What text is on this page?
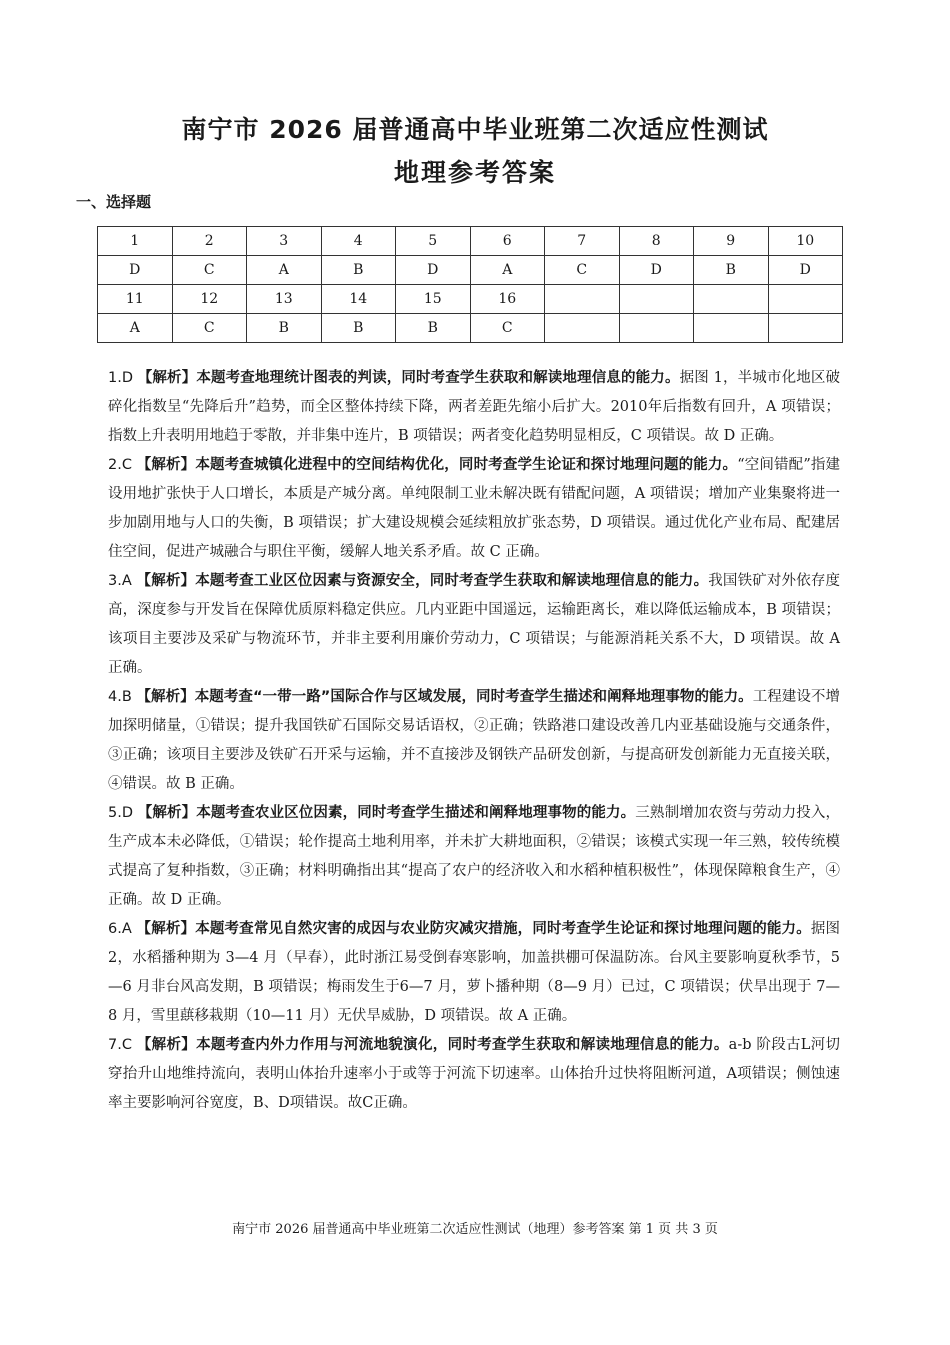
南宁市 2026 届普通高中毕业班第二次适应性测试
地理参考答案
一、选择题
1	2	3	4	5	6	7	8	9	10
D	C	A	B	D	A	C	D	B	D
11	12	13	14	15	16				
A	C	B	B	B	C				

1.D 【解析】本题考查地理统计图表的判读，同时考查学生获取和解读地理信息的能力。据图 1，半城市化地区破碎化指数呈“先降后升”趋势，而全区整体持续下降，两者差距先缩小后扩大。2010年后指数有回升，A 项错误；指数上升表明用地趋于零散，并非集中连片，B 项错误；两者变化趋势明显相反，C 项错误。故 D 正确。

2.C 【解析】本题考查城镇化进程中的空间结构优化，同时考查学生论证和探讨地理问题的能力。“空间错配”指建设用地扩张快于人口增长，本质是产城分离。单纯限制工业未解决既有错配问题，A 项错误；增加产业集聚将进一步加剧用地与人口的失衡，B 项错误；扩大建设规模会延续粗放扩张态势，D 项错误。通过优化产业布局、配建居住空间，促进产城融合与职住平衡，缓解人地关系矛盾。故 C 正确。

3.A 【解析】本题考查工业区位因素与资源安全，同时考查学生获取和解读地理信息的能力。我国铁矿对外依存度高，深度参与开发旨在保障优质原料稳定供应。几内亚距中国遥远，运输距离长，难以降低运输成本，B 项错误；该项目主要涉及采矿与物流环节，并非主要利用廉价劳动力，C 项错误；与能源消耗关系不大，D 项错误。故 A 正确。

4.B 【解析】本题考查“一带一路”国际合作与区域发展，同时考查学生描述和阐释地理事物的能力。工程建设不增加探明储量，①错误；提升我国铁矿石国际交易话语权，②正确；铁路港口建设改善几内亚基础设施与交通条件，③正确；该项目主要涉及铁矿石开采与运输，并不直接涉及钢铁产品研发创新，与提高研发创新能力无直接关联，④错误。故 B 正确。

5.D 【解析】本题考查农业区位因素，同时考查学生描述和阐释地理事物的能力。三熟制增加农资与劳动力投入，生产成本未必降低，①错误；轮作提高土地利用率，并未扩大耕地面积，②错误；该模式实现一年三熟，较传统模式提高了复种指数，③正确；材料明确指出其“提高了农户的经济收入和水稻种植积极性”，体现保障粮食生产，④正确。故 D 正确。

6.A 【解析】本题考查常见自然灾害的成因与农业防灾减灾措施，同时考查学生论证和探讨地理问题的能力。据图 2，水稻播种期为 3—4 月（早春），此时浙江易受倒春寒影响，加盖拱棚可保温防冻。台风主要影响夏秋季节，5—6 月非台风高发期，B 项错误；梅雨发生于6—7 月，萝卜播种期（8—9 月）已过，C 项错误；伏旱出现于 7—8 月，雪里蕻移栽期（10—11 月）无伏旱威胁，D 项错误。故 A 正确。

7.C 【解析】本题考查内外力作用与河流地貌演化，同时考查学生获取和解读地理信息的能力。a-b 阶段古L河切穿抬升山地维持流向，表明山体抬升速率小于或等于河流下切速率。山体抬升过快将阻断河道，A项错误；侧蚀速率主要影响河谷宽度，B、D项错误。故C正确。

南宁市 2026 届普通高中毕业班第二次适应性测试（地理）参考答案 第 1 页 共 3 页
